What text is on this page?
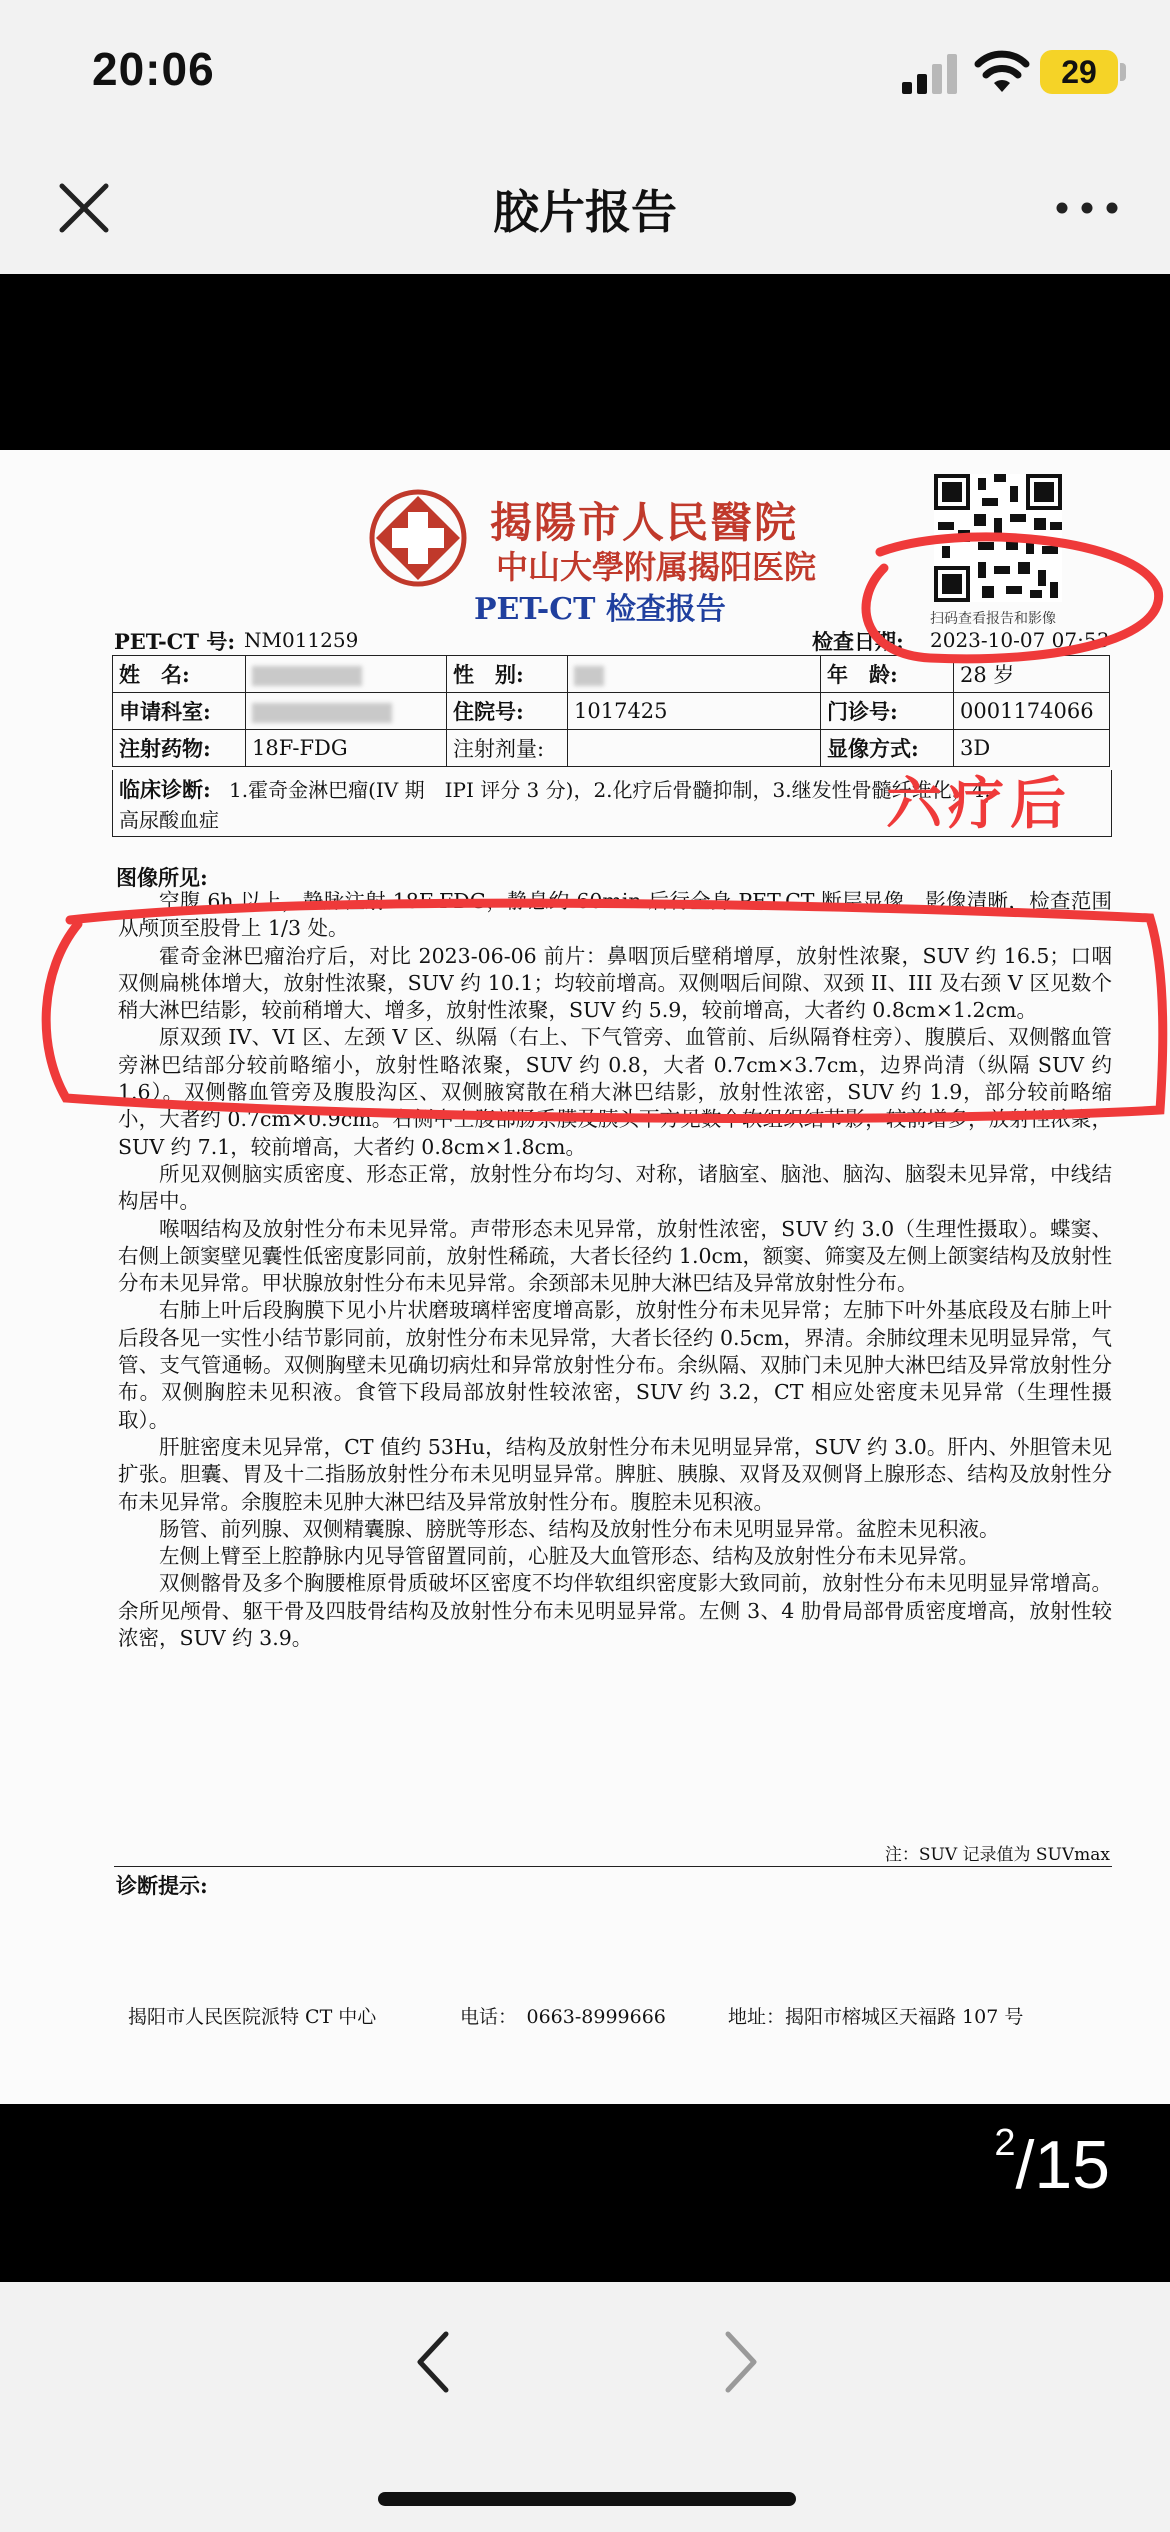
20:06	29
胶片报告
揭陽市人民醫院
中山大學附属揭阳医院
PET-CT 检查报告	扫码查看报告和影像
PET-CT 号: NM011259	检查日期: 2023-10-07 07:53
姓　名:		性　别:		年　龄:	28 岁
申请科室:		住院号:	1017425	门诊号:	0001174066
注射药物:	18F-FDG	注射剂量:		显像方式:	3D
临床诊断: 1.霍奇金淋巴瘤(IV 期　IPI 评分 3 分)，2.化疗后骨髓抑制，3.继发性骨髓纤维化，4.
高尿酸血症
图像所见:

空腹 6h 以上，静脉注射 18F-FDG，静息约 60min 后行全身 PET-CT 断层显像，影像清晰，检查范围从颅顶至股骨上 1/3 处。

霍奇金淋巴瘤治疗后，对比 2023-06-06 前片：鼻咽顶后壁稍增厚，放射性浓聚，SUV 约 16.5；口咽双侧扁桃体增大，放射性浓聚，SUV 约 10.1；均较前增高。双侧咽后间隙、双颈 II、III 及右颈 V 区见数个稍大淋巴结影，较前稍增大、增多，放射性浓聚，SUV 约 5.9，较前增高，大者约 0.8cm×1.2cm。

原双颈 IV、VI 区、左颈 V 区、纵隔（右上、下气管旁、血管前、后纵隔脊柱旁）、腹膜后、双侧髂血管旁淋巴结部分较前略缩小，放射性略浓聚，SUV 约 0.8，大者 0.7cm×3.7cm，边界尚清（纵隔 SUV 约 1.6）。双侧髂血管旁及腹股沟区、双侧腋窝散在稍大淋巴结影，放射性浓密，SUV 约 1.9，部分较前略缩小，大者约 0.7cm×0.9cm。右侧中上腹部肠系膜及胰头下方见数个软组织结节影，较前增多，放射性浓聚，SUV 约 7.1，较前增高，大者约 0.8cm×1.8cm。

所见双侧脑实质密度、形态正常，放射性分布均匀、对称，诸脑室、脑池、脑沟、脑裂未见异常，中线结构居中。

喉咽结构及放射性分布未见异常。声带形态未见异常，放射性浓密，SUV 约 3.0（生理性摄取）。蝶窦、右侧上颌窦壁见囊性低密度影同前，放射性稀疏，大者长径约 1.0cm，额窦、筛窦及左侧上颌窦结构及放射性分布未见异常。甲状腺放射性分布未见异常。余颈部未见肿大淋巴结及异常放射性分布。

右肺上叶后段胸膜下见小片状磨玻璃样密度增高影，放射性分布未见异常；左肺下叶外基底段及右肺上叶后段各见一实性小结节影同前，放射性分布未见异常，大者长径约 0.5cm，界清。余肺纹理未见明显异常，气管、支气管通畅。双侧胸壁未见确切病灶和异常放射性分布。余纵隔、双肺门未见肿大淋巴结及异常放射性分布。双侧胸腔未见积液。食管下段局部放射性较浓密，SUV 约 3.2，CT 相应处密度未见异常（生理性摄取）。

肝脏密度未见异常，CT 值约 53Hu，结构及放射性分布未见明显异常，SUV 约 3.0。肝内、外胆管未见扩张。胆囊、胃及十二指肠放射性分布未见明显异常。脾脏、胰腺、双肾及双侧肾上腺形态、结构及放射性分布未见异常。余腹腔未见肿大淋巴结及异常放射性分布。腹腔未见积液。

肠管、前列腺、双侧精囊腺、膀胱等形态、结构及放射性分布未见明显异常。盆腔未见积液。

左侧上臂至上腔静脉内见导管留置同前，心脏及大血管形态、结构及放射性分布未见异常。

双侧髂骨及多个胸腰椎原骨质破坏区密度不均伴软组织密度影大致同前，放射性分布未见明显异常增高。余所见颅骨、躯干骨及四肢骨结构及放射性分布未见明显异常。左侧 3、4 肋骨局部骨质密度增高，放射性较浓密，SUV 约 3.9。

注：SUV 记录值为 SUVmax
诊断提示:
揭阳市人民医院派特 CT 中心	电话：　0663-8999666	地址：揭阳市榕城区天福路 107 号
六疗后
$^2$/15
